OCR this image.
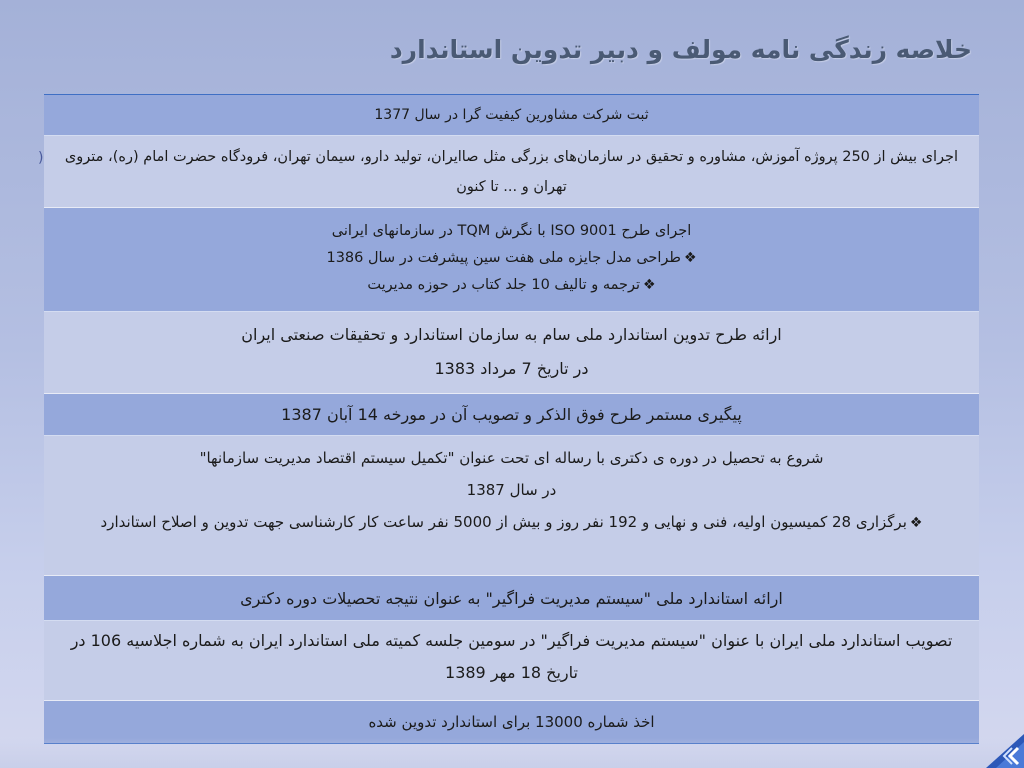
خلاصه زندگی نامه مولف و دبیر تدوین استاندارد
ثبت شرکت مشاورین کیفیت گرا در سال 1377
اجرای بیش از 250 پروژه آموزش، مشاوره و تحقیق در سازمان‌های بزرگی مثل صاایران، تولید دارو، سیمان تهران، فرودگاه حضرت امام (ره)، متروی تهران و ... تا کنون
اجرای طرح ISO 9001 با نگرش TQM در سازمانهای ایرانی
❖طراحی مدل جایزه ملی هفت سین پیشرفت در سال 1386
❖ترجمه و تالیف 10 جلد کتاب در حوزه مدیریت
ارائه طرح تدوین استاندارد ملی سام به سازمان استاندارد و تحقیقات صنعتی ایران
در تاریخ 7 مرداد 1383
پیگیری مستمر طرح فوق الذکر و تصویب آن در مورخه 14 آبان 1387
شروع به تحصیل در دوره ی دکتری با رساله ای تحت عنوان "تکمیل سیستم اقتصاد مدیریت سازمانها"
در سال 1387
❖برگزاری 28 کمیسیون اولیه، فنی و نهایی و 192 نفر روز و بیش از 5000 نفر ساعت کار کارشناسی جهت تدوین و اصلاح استاندارد
ارائه استاندارد ملی "سیستم مدیریت فراگیر" به عنوان نتیجه تحصیلات دوره دکتری
تصویب استاندارد ملی ایران با عنوان "سیستم مدیریت فراگیر" در سومین جلسه کمیته ملی استاندارد ایران به شماره اجلاسیه 106 در تاریخ 18 مهر 1389
اخذ شماره 13000 برای استاندارد تدوین شده
)
